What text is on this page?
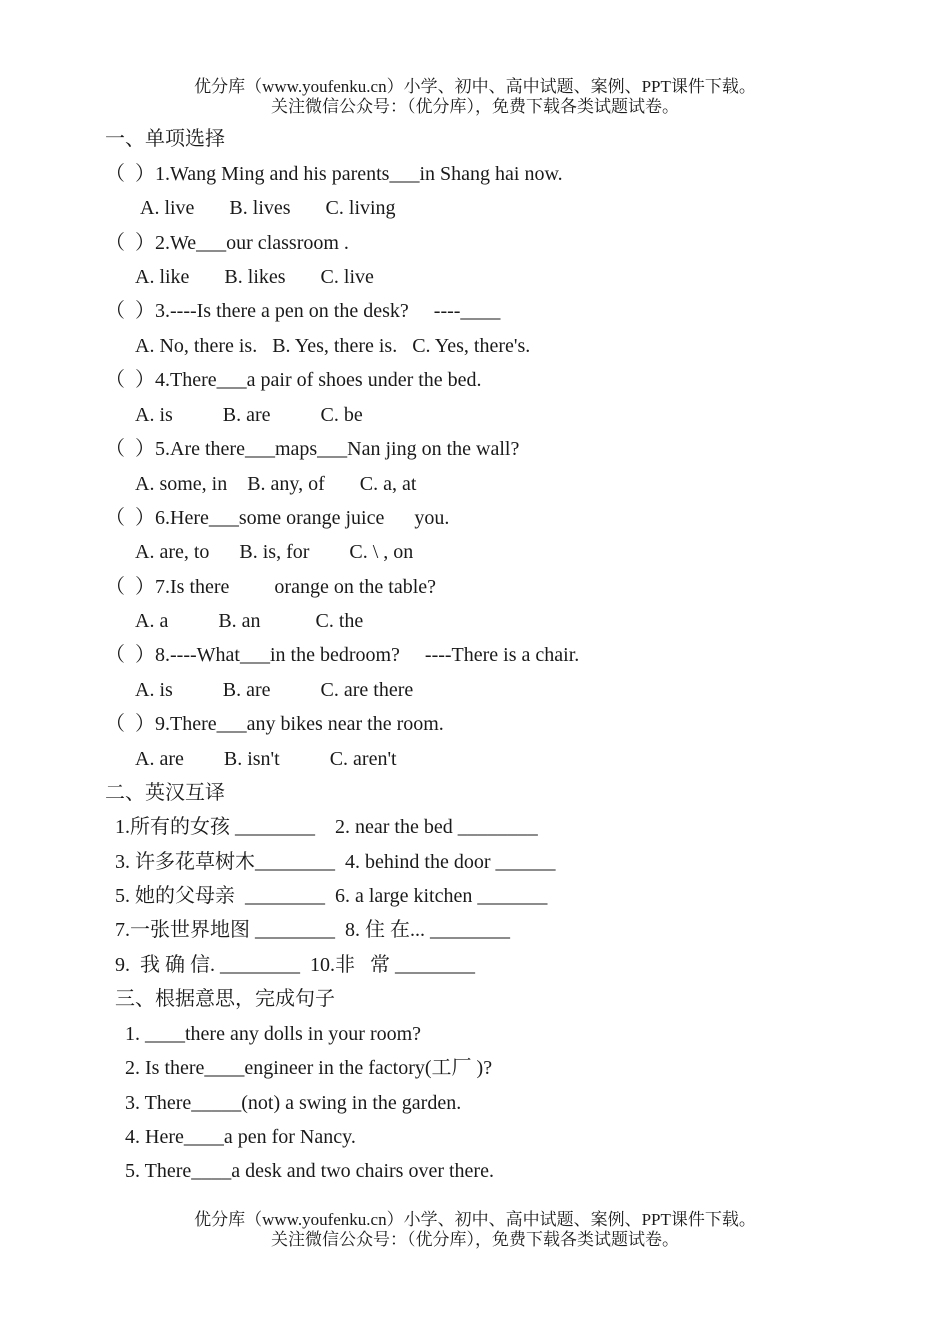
优分库（www.youfenku.cn）小学、初中、高中试题、案例、PPT课件下载。
关注微信公众号：（优分库），免费下载各类试题试卷。
一、单项选择
（  ）1.Wang Ming and his parents___in Shang hai now.
A. live       B. lives       C. living
（  ）2.We___our classroom .
A. like       B. likes       C. live
（  ）3.----Is there a pen on the desk?     ----____
A. No, there is.   B. Yes, there is.   C. Yes, there's.
（  ）4.There___a pair of shoes under the bed.
A. is          B. are          C. be
（  ）5.Are there___maps___Nan jing on the wall?
A. some, in    B. any, of       C. a, at
（  ）6.Here___some orange juice      you.
A. are, to      B. is, for        C. \ , on
（  ）7.Is there         orange on the table?
A. a          B. an           C. the
（  ）8.----What___in the bedroom?     ----There is a chair.
A. is          B. are          C. are there
（  ）9.There___any bikes near the room.
A. are        B. isn't          C. aren't
二、英汉互译
1.所有的女孩 ________    2. near the bed ________
3. 许多花草树木________  4. behind the door ______
5. 她的父母亲  ________  6. a large kitchen _______
7.一张世界地图 ________  8. 住 在... ________
9.  我 确 信. ________  10.非   常 ________
三、根据意思，完成句子
1. ____there any dolls in your room?
2. Is there____engineer in the factory(工厂 )?
3. There_____(not) a swing in the garden.
4. Here____a pen for Nancy.
5. There____a desk and two chairs over there.
优分库（www.youfenku.cn）小学、初中、高中试题、案例、PPT课件下载。
关注微信公众号：（优分库），免费下载各类试题试卷。
